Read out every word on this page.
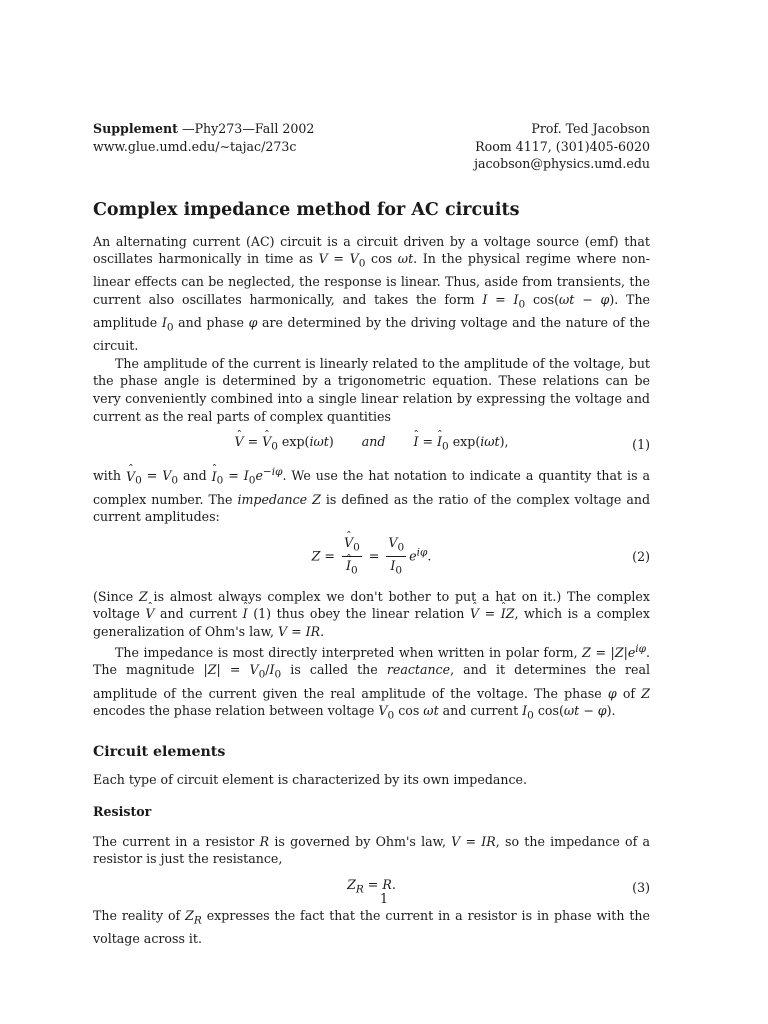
Supplement —Phy273—Fall 2002
www.glue.umd.edu/∼tajac/273c
Prof. Ted Jacobson
Room 4117, (301)405-6020
jacobson@physics.umd.edu
Complex impedance method for AC circuits

An alternating current (AC) circuit is a circuit driven by a voltage source (emf) that oscillates harmonically in time as $V = V_0$ cos ωt. In the physical regime where non-linear effects can be neglected, the response is linear. Thus, aside from transients, the current also oscillates harmonically, and takes the form $I = I_0$ cos(ωt − φ). The amplitude $I_0$ and phase φ are determined by the driving voltage and the nature of the circuit.

The amplitude of the current is linearly related to the amplitude of the voltage, but the phase angle is determined by a trigonometric equation. These relations can be very conveniently combined into a single linear relation by expressing the voltage and current as the real parts of complex quantities

ˆ V = ˆ $V_0$ exp(iωt)       and ˆ I = ˆ $I_0$ exp(iωt),	(1)

with ˆ $V_0 = V_0$ and ˆ $I_0 = I_0e^{-i\varphi}$. We use the hat notation to indicate a quantity that is a complex number. The impedance Z is defined as the ratio of the complex voltage and current amplitudes:

Z = ˆ $V_0$
ˆ $I_0 = \frac{V_0}{I_0} e^{i\varphi}$.	(2)

(Since Z is almost always complex we don't bother to put a hat on it.) The complex voltage ˆ V and current ˆ I (1) thus obey the linear relation ˆ V = ˆ IZ, which is a complex generalization of Ohm's law, V = IR.

The impedance is most directly interpreted when written in polar form, $Z = |Z|e^{i\varphi}$. The magnitude $|Z| = V_0/I_0$ is called the reactance, and it determines the real amplitude of the current given the real amplitude of the voltage. The phase φ of Z encodes the phase relation between voltage $V_0$ cos ωt and current $I_0$ cos(ωt − φ).

Circuit elements

Each type of circuit element is characterized by its own impedance.

Resistor

The current in a resistor R is governed by Ohm's law, V = IR, so the impedance of a resistor is just the resistance,

$Z_R = R$.	(3)

The reality of $Z_R$ expresses the fact that the current in a resistor is in phase with the voltage across it.

1
